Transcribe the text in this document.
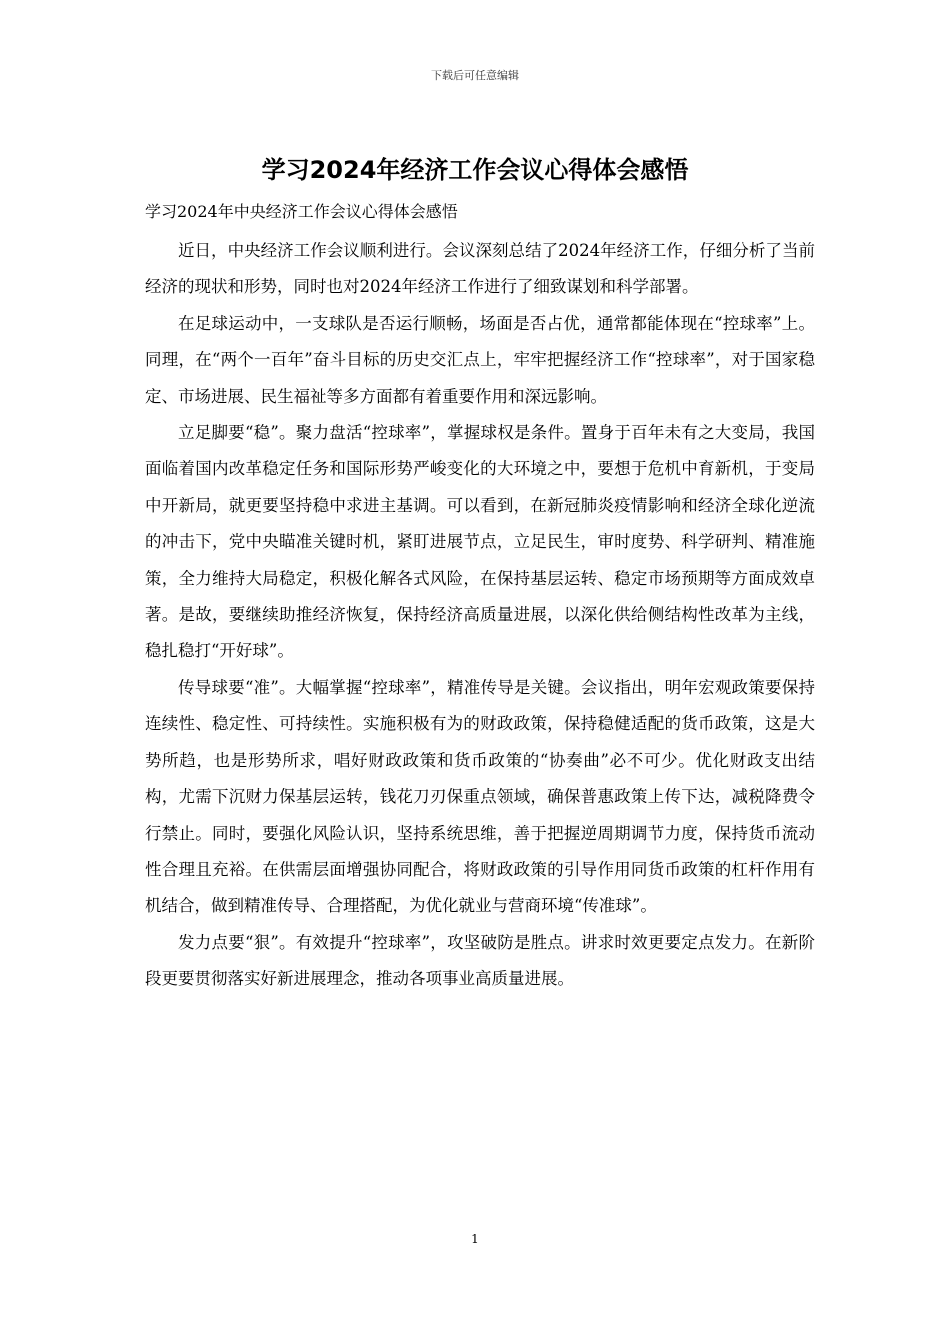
下载后可任意编辑
学习2024年经济工作会议心得体会感悟
学习2024年中央经济工作会议心得体会感悟

近日，中央经济工作会议顺利进行。会议深刻总结了2024年经济工作，仔细分析了当前经济的现状和形势，同时也对2024年经济工作进行了细致谋划和科学部署。

在足球运动中，一支球队是否运行顺畅，场面是否占优，通常都能体现在“控球率”上。同理，在“两个一百年”奋斗目标的历史交汇点上，牢牢把握经济工作“控球率”，对于国家稳定、市场进展、民生福祉等多方面都有着重要作用和深远影响。

立足脚要“稳”。聚力盘活“控球率”，掌握球权是条件。置身于百年未有之大变局，我国面临着国内改革稳定任务和国际形势严峻变化的大环境之中，要想于危机中育新机，于变局中开新局，就更要坚持稳中求进主基调。可以看到，在新冠肺炎疫情影响和经济全球化逆流的冲击下，党中央瞄准关键时机，紧盯进展节点，立足民生，审时度势、科学研判、精准施策，全力维持大局稳定，积极化解各式风险，在保持基层运转、稳定市场预期等方面成效卓著。是故，要继续助推经济恢复，保持经济高质量进展，以深化供给侧结构性改革为主线，稳扎稳打“开好球”。

传导球要“准”。大幅掌握“控球率”，精准传导是关键。会议指出，明年宏观政策要保持连续性、稳定性、可持续性。实施积极有为的财政政策，保持稳健适配的货币政策，这是大势所趋，也是形势所求，唱好财政政策和货币政策的“协奏曲”必不可少。优化财政支出结构，尤需下沉财力保基层运转，钱花刀刃保重点领域，确保普惠政策上传下达，减税降费令行禁止。同时，要强化风险认识，坚持系统思维，善于把握逆周期调节力度，保持货币流动性合理且充裕。在供需层面增强协同配合，将财政政策的引导作用同货币政策的杠杆作用有机结合，做到精准传导、合理搭配，为优化就业与营商环境“传准球”。

发力点要“狠”。有效提升“控球率”，攻坚破防是胜点。讲求时效更要定点发力。在新阶段更要贯彻落实好新进展理念，推动各项事业高质量进展。

1
